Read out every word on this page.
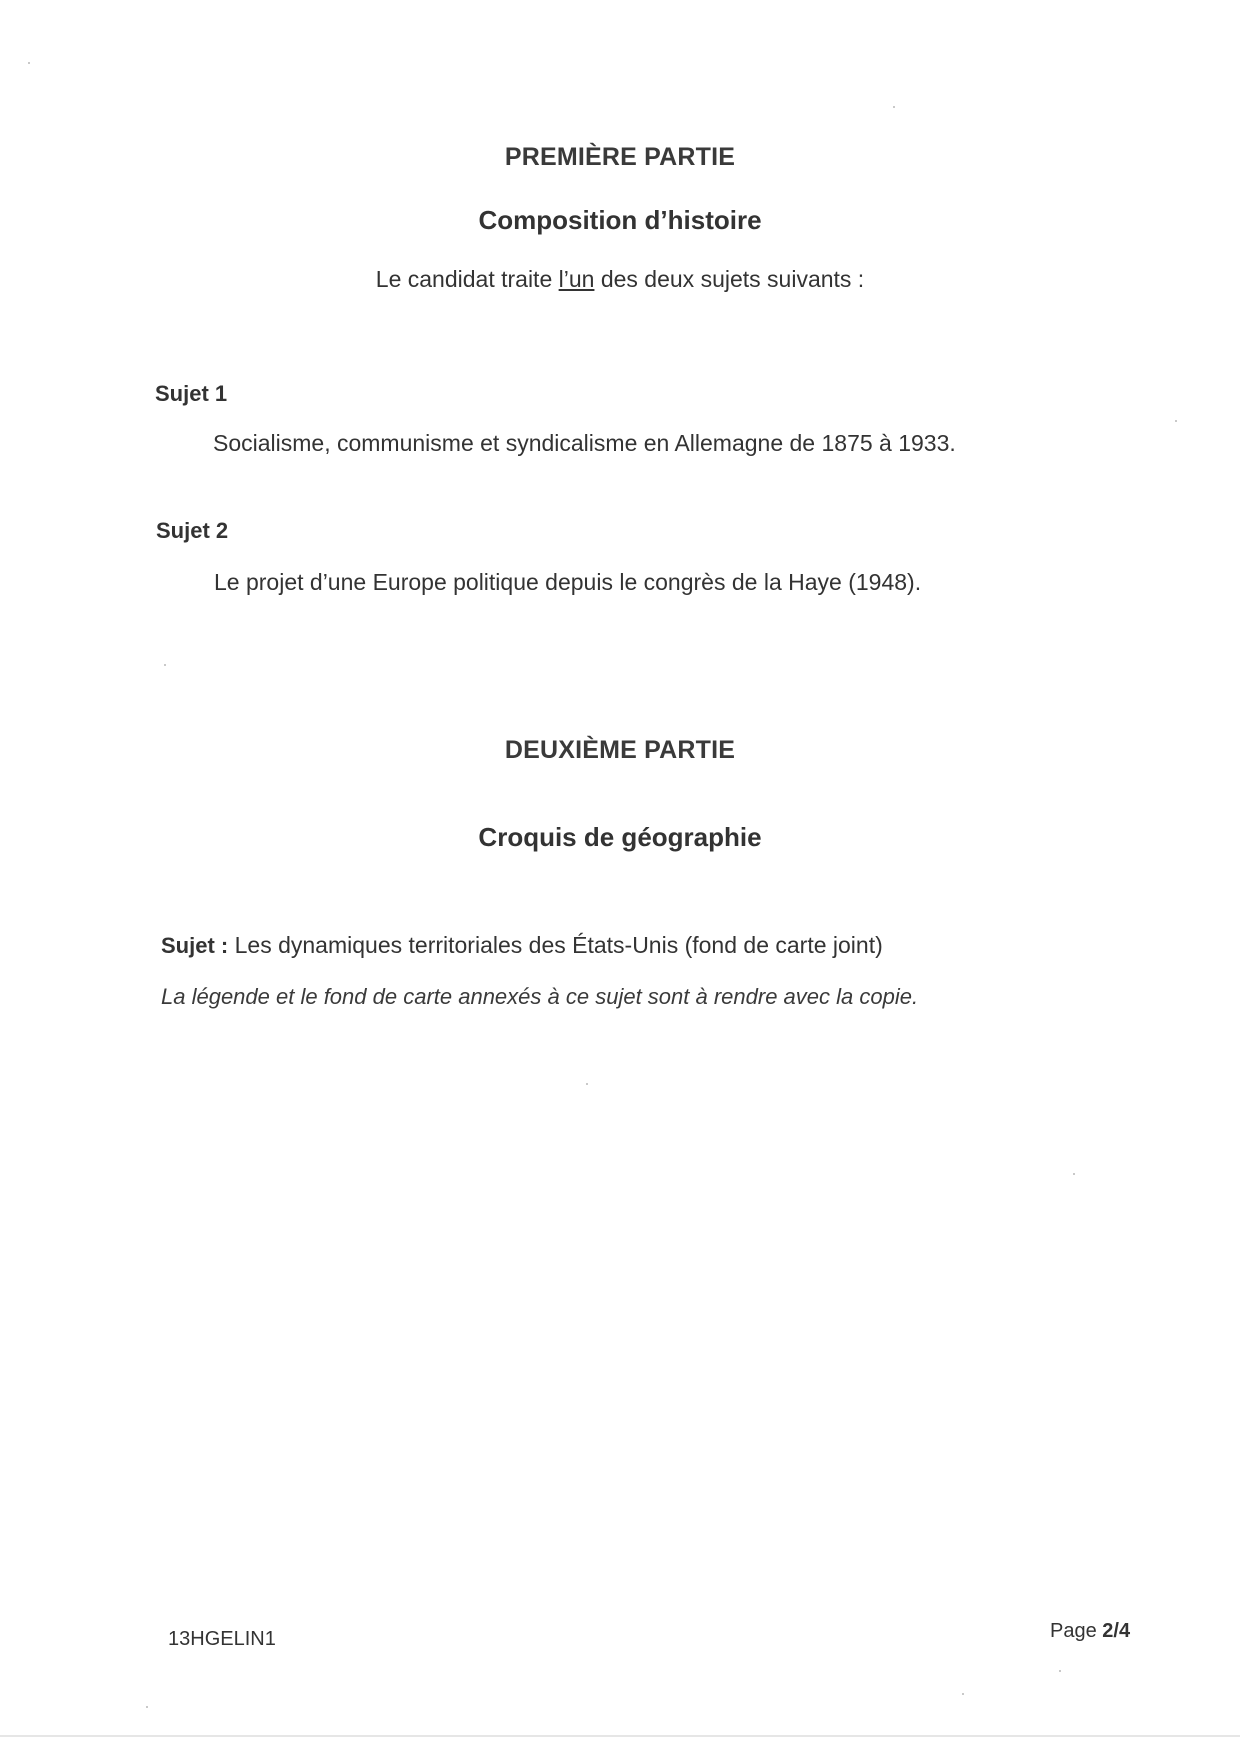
PREMIÈRE PARTIE
Composition d’histoire
Le candidat traite l’un des deux sujets suivants :
Sujet 1
Socialisme, communisme et syndicalisme en Allemagne de 1875 à 1933.
Sujet 2
Le projet d’une Europe politique depuis le congrès de la Haye (1948).
DEUXIÈME PARTIE
Croquis de géographie
Sujet : Les dynamiques territoriales des États-Unis (fond de carte joint)
La légende et le fond de carte annexés à ce sujet sont à rendre avec la copie.
13HGELIN1	Page 2/4
